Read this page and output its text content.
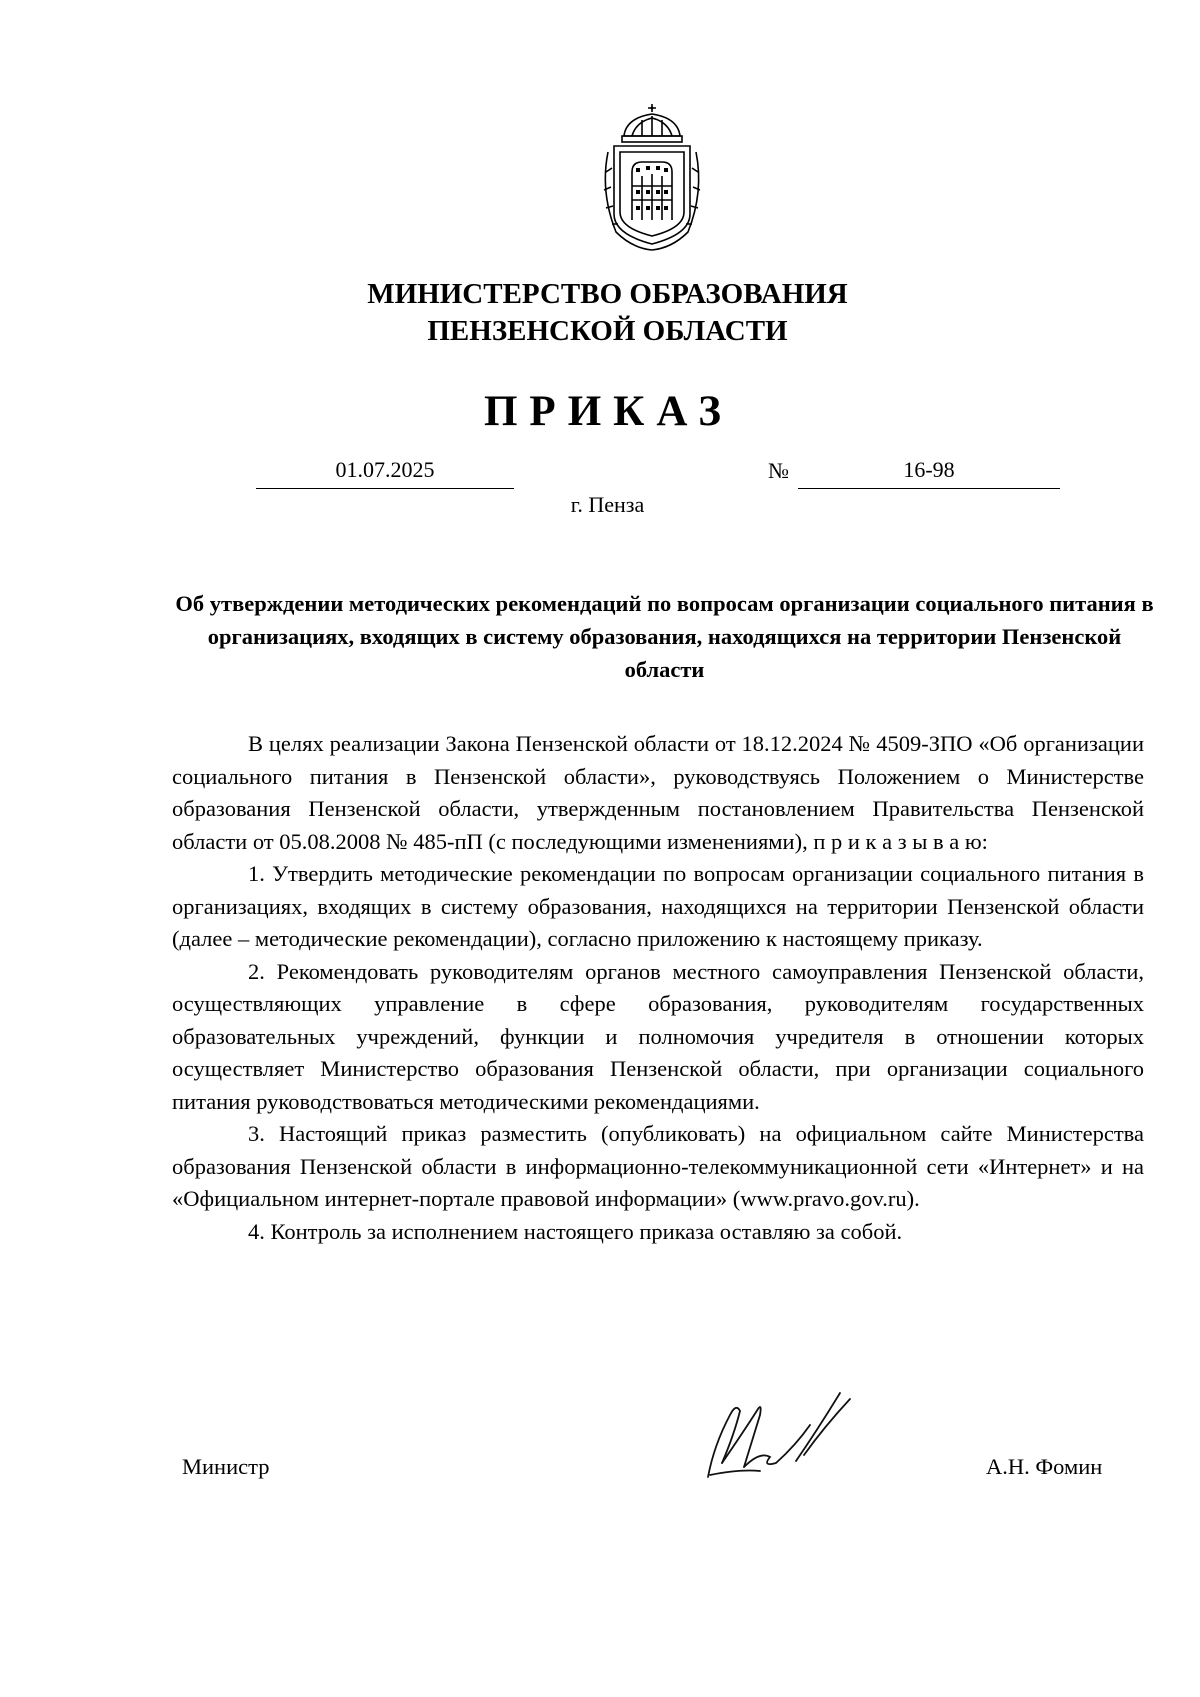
МИНИСТЕРСТВО ОБРАЗОВАНИЯ
ПЕНЗЕНСКОЙ ОБЛАСТИ
ПРИКАЗ
01.07.2025	№	16-98
г. Пенза
Об утверждении методических рекомендаций по вопросам организации социального питания в организациях, входящих в систему образования, находящихся на территории Пензенской области

В целях реализации Закона Пензенской области от 18.12.2024 № 4509-ЗПО «Об организации социального питания в Пензенской области», руководствуясь Положением о Министерстве образования Пензенской области, утвержденным постановлением Правительства Пензенской области от 05.08.2008 № 485-пП (с последующими изменениями), п р и к а з ы в а ю:

1. Утвердить методические рекомендации по вопросам организации социального питания в организациях, входящих в систему образования, находящихся на территории Пензенской области (далее – методические рекомендации), согласно приложению к настоящему приказу.

2. Рекомендовать руководителям органов местного самоуправления Пензенской области, осуществляющих управление в сфере образования, руководителям государственных образовательных учреждений, функции и полномочия учредителя в отношении которых осуществляет Министерство образования Пензенской области, при организации социального питания руководствоваться методическими рекомендациями.

3. Настоящий приказ разместить (опубликовать) на официальном сайте Министерства образования Пензенской области в информационно-телекоммуникационной сети «Интернет» и на «Официальном интернет-портале правовой информации» (www.pravo.gov.ru).

4. Контроль за исполнением настоящего приказа оставляю за собой.

Министр	А.Н. Фомин
